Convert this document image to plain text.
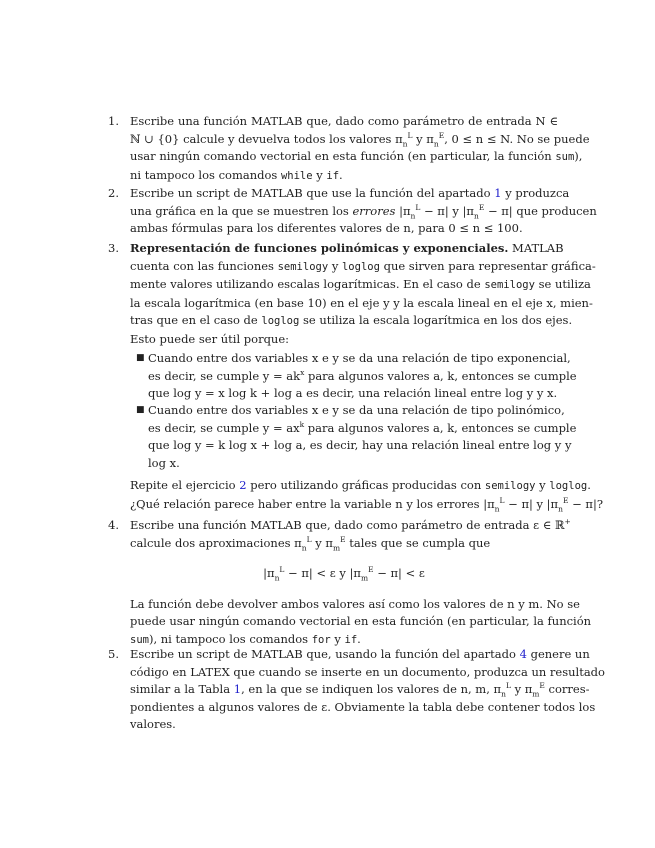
1. Escribe una función MATLAB que, dado como parámetro de entrada N ∈
ℕ ∪ {0} calcule y devuelva todos los valores $\pi_n^L$ y $\pi_n^E$, 0 ≤ n ≤ N. No se puede
usar ningún comando vectorial en esta función (en particular, la función sum),
ni tampoco los comandos while y if.
2. Escribe un script de MATLAB que use la función del apartado 1 y produzca
una gráfica en la que se muestren los errores $|\pi_n^L - \pi|$ y $|\pi_n^E - \pi|$ que producen
ambas fórmulas para los diferentes valores de n, para 0 ≤ n ≤ 100.
3. Representación de funciones polinómicas y exponenciales. MATLAB
cuenta con las funciones semilogy y loglog que sirven para representar gráfica-
mente valores utilizando escalas logarítmicas. En el caso de semilogy se utiliza
la escala logarítmica (en base 10) en el eje y y la escala lineal en el eje x, mien-
tras que en el caso de loglog se utiliza la escala logarítmica en los dos ejes.
Esto puede ser útil porque:
■ Cuando entre dos variables x e y se da una relación de tipo exponencial,
es decir, se cumple $y = ak^x$ para algunos valores a, k, entonces se cumple
que log y = x log k + log a es decir, una relación lineal entre log y y x.
■ Cuando entre dos variables x e y se da una relación de tipo polinómico,
es decir, se cumple $y = ax^k$ para algunos valores a, k, entonces se cumple
que log y = k log x + log a, es decir, hay una relación lineal entre log y y
log x.
Repite el ejercicio 2 pero utilizando gráficas producidas con semilogy y loglog.
¿Qué relación parece haber entre la variable n y los errores $|\pi_n^L - \pi|$ y $|\pi_n^E - \pi|$?
4. Escribe una función MATLAB que, dado como parámetro de entrada ε ∈ ℝ+
calcule dos aproximaciones $\pi_n^L$ y $\pi_m^E$ tales que se cumpla que
$|\pi_n^L - \pi| < \varepsilon$ y $|\pi_m^E - \pi| < \varepsilon$
La función debe devolver ambos valores así como los valores de n y m. No se
puede usar ningún comando vectorial en esta función (en particular, la función
sum), ni tampoco los comandos for y if.
5. Escribe un script de MATLAB que, usando la función del apartado 4 genere un
código en LATEX que cuando se inserte en un documento, produzca un resultado
similar a la Tabla 1, en la que se indiquen los valores de n, m, $\pi_n^L$ y $\pi_m^E$ corres-
pondientes a algunos valores de ε. Obviamente la tabla debe contener todos los
valores.
